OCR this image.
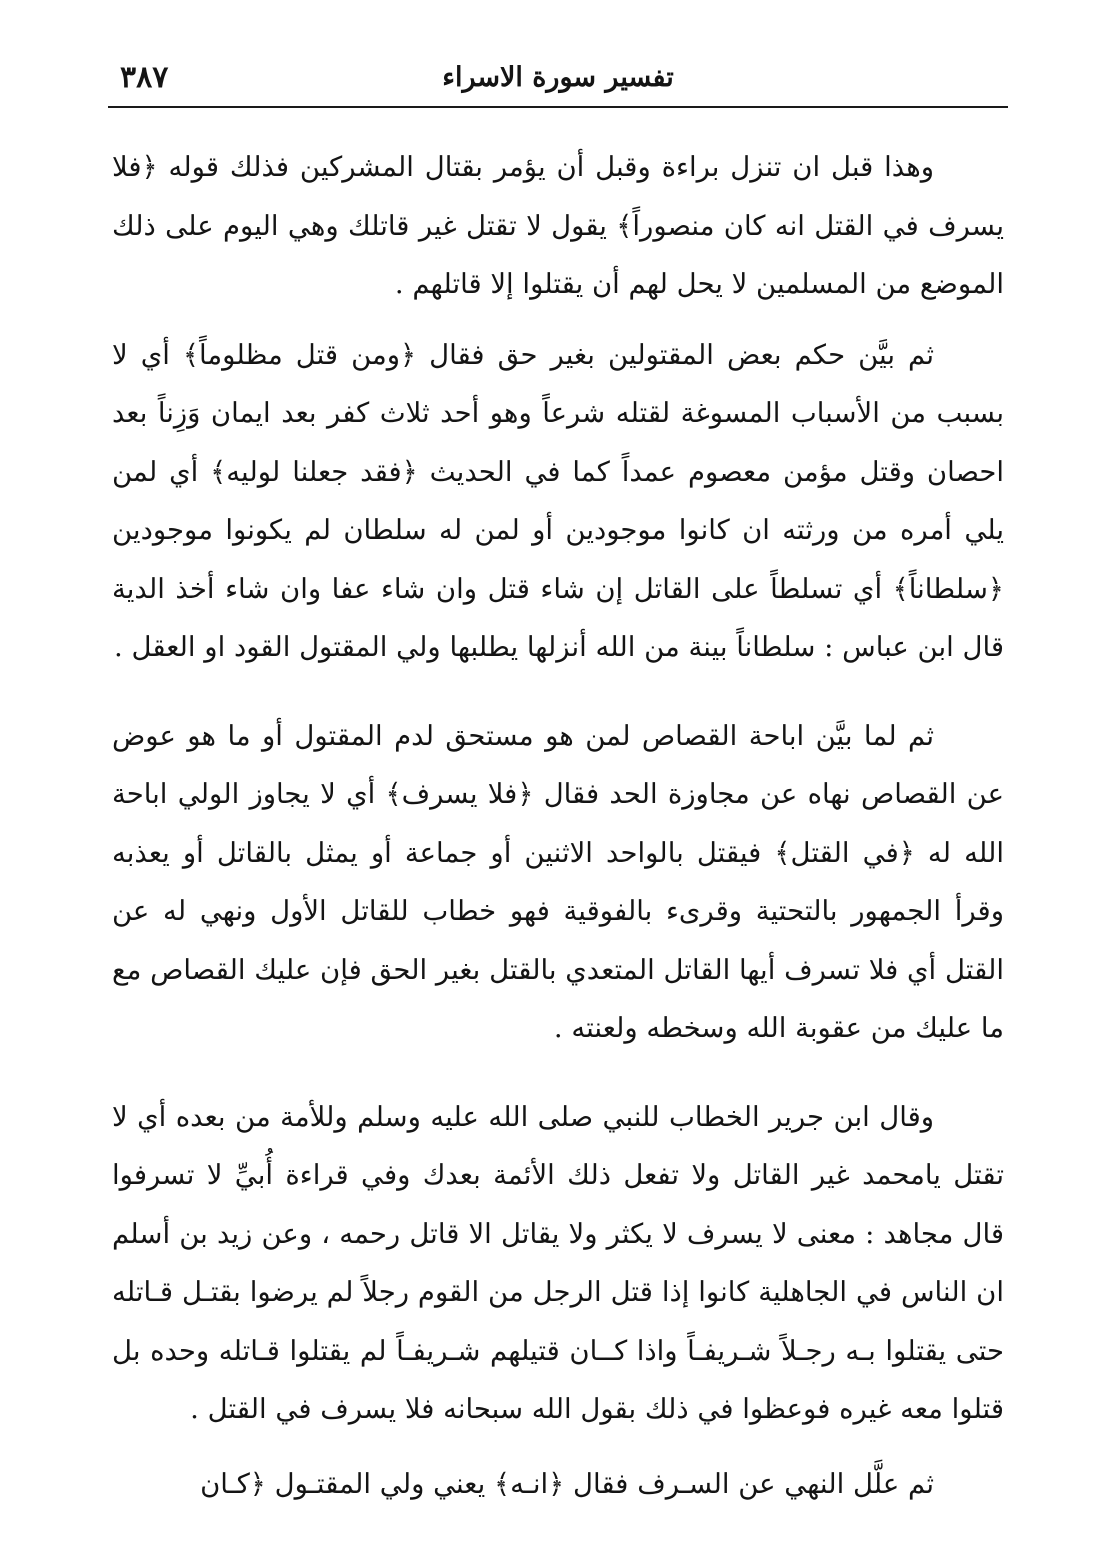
٣٨٧	تفسير سورة الاسراء

وهذا قبل ان تنزل براءة وقبل أن يؤمر بقتال المشركين فذلك قوله ﴿فلا يسرف في القتل انه كان منصوراً﴾ يقول لا تقتل غير قاتلك وهي اليوم على ذلك الموضع من المسلمين لا يحل لهم أن يقتلوا إلا قاتلهم .

ثم بيَّن حكم بعض المقتولين بغير حق فقال ﴿ومن قتل مظلوماً﴾ أي لا بسبب من الأسباب المسوغة لقتله شرعاً وهو أحد ثلاث كفر بعد ايمان وَزِناً بعد احصان وقتل مؤمن معصوم عمداً كما في الحديث ﴿فقد جعلنا لوليه﴾ أي لمن يلي أمره من ورثته ان كانوا موجودين أو لمن له سلطان لم يكونوا موجودين ﴿سلطاناً﴾ أي تسلطاً على القاتل إن شاء قتل وان شاء عفا وان شاء أخذ الدية قال ابن عباس : سلطاناً بينة من الله أنزلها يطلبها ولي المقتول القود او العقل .

ثم لما بيَّن اباحة القصاص لمن هو مستحق لدم المقتول أو ما هو عوض عن القصاص نهاه عن مجاوزة الحد فقال ﴿فلا يسرف﴾ أي لا يجاوز الولي اباحة الله له ﴿في القتل﴾ فيقتل بالواحد الاثنين أو جماعة أو يمثل بالقاتل أو يعذبه وقرأ الجمهور بالتحتية وقرىء بالفوقية فهو خطاب للقاتل الأول ونهي له عن القتل أي فلا تسرف أيها القاتل المتعدي بالقتل بغير الحق فإن عليك القصاص مع ما عليك من عقوبة الله وسخطه ولعنته .

وقال ابن جرير الخطاب للنبي صلى الله عليه وسلم وللأمة من بعده أي لا تقتل يامحمد غير القاتل ولا تفعل ذلك الأئمة بعدك وفي قراءة أُبيِّ لا تسرفوا قال مجاهد : معنى لا يسرف لا يكثر ولا يقاتل الا قاتل رحمه ، وعن زيد بن أسلم ان الناس في الجاهلية كانوا إذا قتل الرجل من القوم رجلاً لم يرضوا بقتـل قـاتله حتى يقتلوا بـه رجـلاً شـريفـاً واذا كــان قتيلهم شـريفـاً لم يقتلوا قـاتله وحده بل قتلوا معه غيره فوعظوا في ذلك بقول الله سبحانه فلا يسرف في القتل .

ثم علَّل النهي عن السـرف فقال ﴿انـه﴾ يعني ولي المقتـول ﴿كـان
